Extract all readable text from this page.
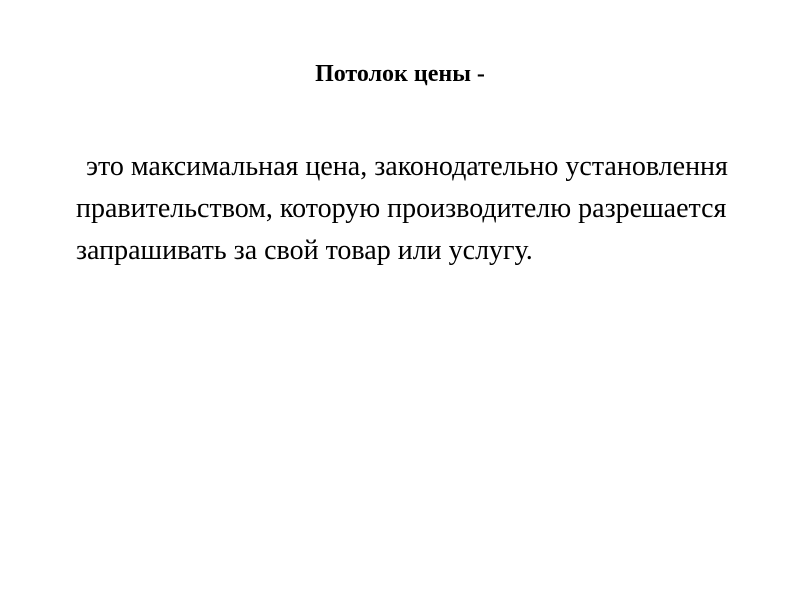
Потолок цены -

это максимальная цена, законодательно установлення правительством, которую производителю разрешается запрашивать за свой товар или услугу.
